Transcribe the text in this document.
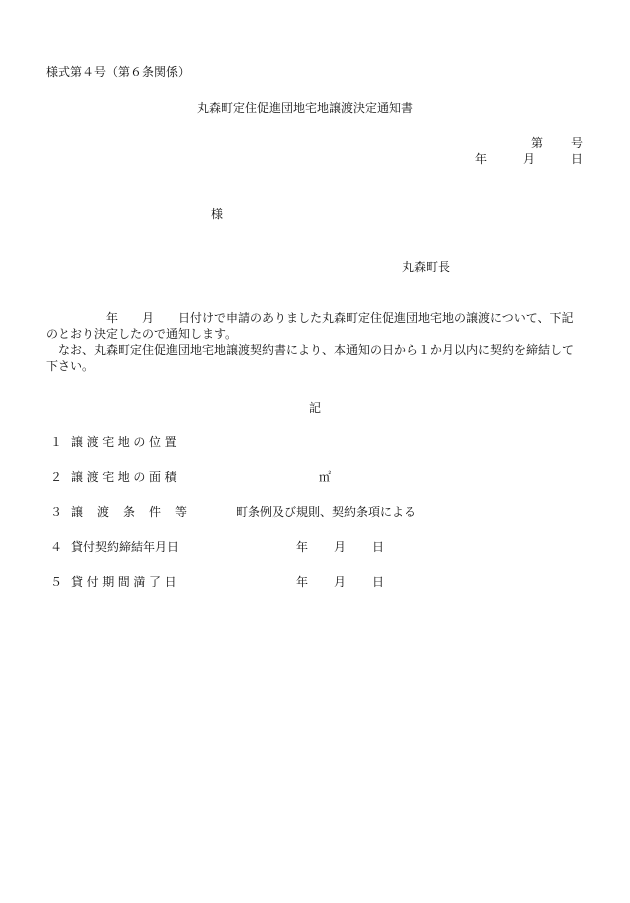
様式第４号（第６条関係）
丸森町定住促進団地宅地譲渡決定通知書
第 号
年	月	日
様
丸森町長

年 月 日付けで申請のありました丸森町定住促進団地宅地の譲渡について、下記のとおり決定したので通知します。

なお、丸森町定住促進団地宅地譲渡契約書により、本通知の日から１か月以内に契約を締結して下さい。

記
１ 譲渡宅地の位置
２ 譲渡宅地の面積	㎡
３ 譲渡条件等	町条例及び規則、契約条項による
４ 貸付契約締結年月日	年 月 日
５ 貸付期間満了日	年 月 日
